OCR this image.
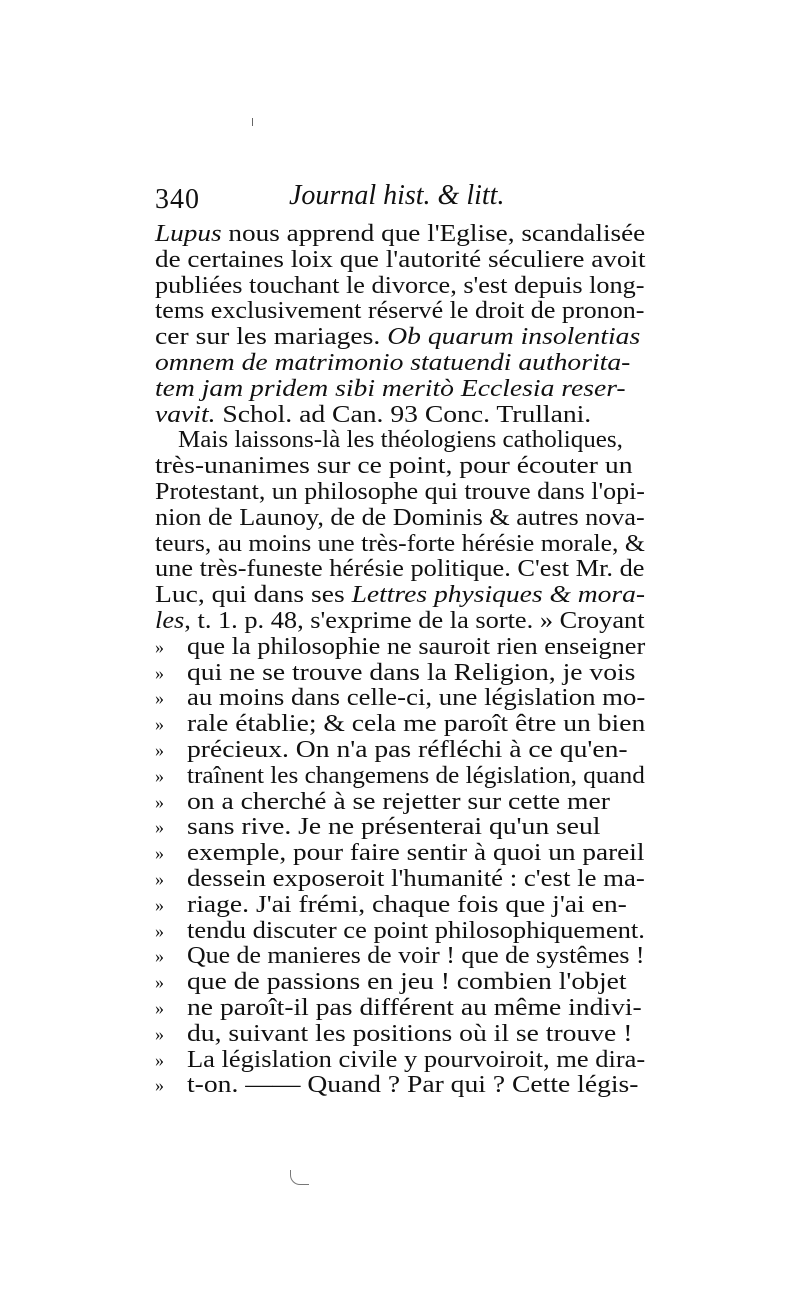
340	Journal hist. & litt.
Lupus nous apprend que l'Eglise, scandalisée
de certaines loix que l'autorité séculiere avoit
publiées touchant le divorce, s'est depuis long-
tems exclusivement réservé le droit de pronon-
cer sur les mariages. Ob quarum insolentias
omnem de matrimonio statuendi authorita-
tem jam pridem sibi meritò Ecclesia reser-
vavit. Schol. ad Can. 93 Conc. Trullani.
Mais laissons-là les théologiens catholiques,
très-unanimes sur ce point, pour écouter un
Protestant, un philosophe qui trouve dans l'opi-
nion de Launoy, de de Dominis & autres nova-
teurs, au moins une très-forte hérésie morale, &
une très-funeste hérésie politique. C'est Mr. de
Luc, qui dans ses Lettres physiques & mora-
les, t. 1. p. 48, s'exprime de la sorte. » Croyant
»	que la philosophie ne sauroit rien enseigner
»	qui ne se trouve dans la Religion, je vois
»	au moins dans celle-ci, une législation mo-
»	rale établie; & cela me paroît être un bien
»	précieux. On n'a pas réfléchi à ce qu'en-
»	traînent les changemens de législation, quand
»	on a cherché à se rejetter sur cette mer
»	sans rive. Je ne présenterai qu'un seul
»	exemple, pour faire sentir à quoi un pareil
»	dessein exposeroit l'humanité : c'est le ma-
»	riage. J'ai frémi, chaque fois que j'ai en-
»	tendu discuter ce point philosophiquement.
»	Que de manieres de voir ! que de systêmes !
»	que de passions en jeu ! combien l'objet
»	ne paroît-il pas différent au même indivi-
»	du, suivant les positions où il se trouve !
»	La législation civile y pourvoiroit, me dira-
»	t-on. —— Quand ? Par qui ? Cette légis-
